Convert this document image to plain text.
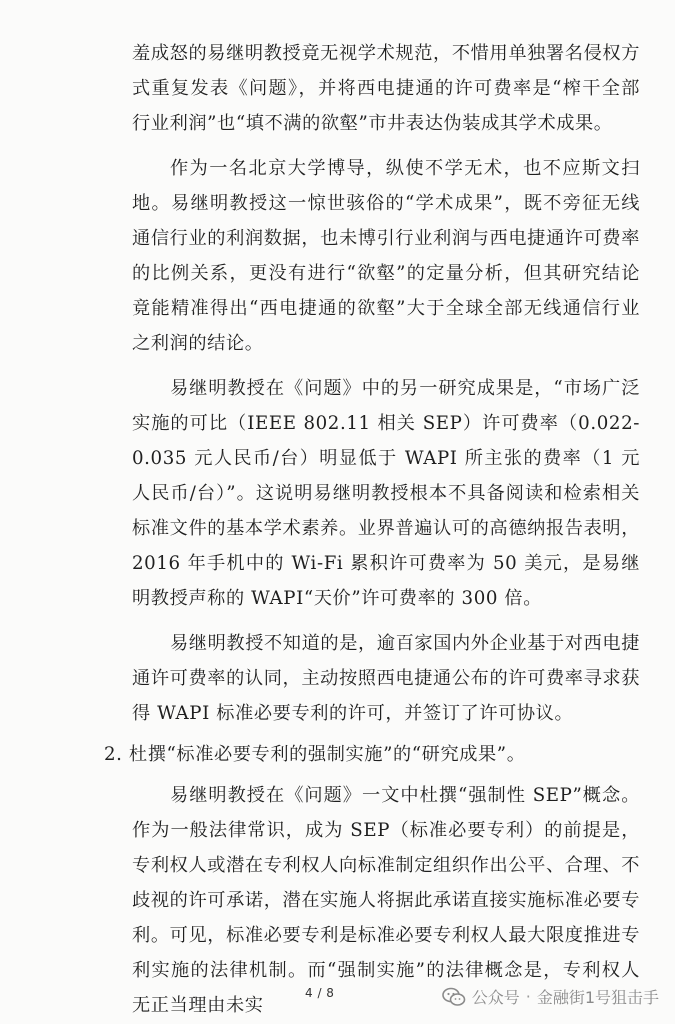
羞成怒的易继明教授竟无视学术规范，不惜用单独署名侵权方式重复发表《问题》，并将西电捷通的许可费率是“榨干全部行业利润”也“填不满的欲壑”市井表达伪装成其学术成果。

作为一名北京大学博导，纵使不学无术，也不应斯文扫地。易继明教授这一惊世骇俗的“学术成果”，既不旁征无线通信行业的利润数据，也未博引行业利润与西电捷通许可费率的比例关系，更没有进行“欲壑”的定量分析，但其研究结论竟能精准得出“西电捷通的欲壑”大于全球全部无线通信行业之利润的结论。

易继明教授在《问题》中的另一研究成果是，“市场广泛实施的可比（IEEE 802.11 相关 SEP）许可费率（0.022-0.035 元人民币/台）明显低于 WAPI 所主张的费率（1 元人民币/台）”。这说明易继明教授根本不具备阅读和检索相关标准文件的基本学术素养。业界普遍认可的高德纳报告表明，2016 年手机中的 Wi-Fi 累积许可费率为 50 美元，是易继明教授声称的 WAPI“天价”许可费率的 300 倍。

易继明教授不知道的是，逾百家国内外企业基于对西电捷通许可费率的认同，主动按照西电捷通公布的许可费率寻求获得 WAPI 标准必要专利的许可，并签订了许可协议。

2. 杜撰“标准必要专利的强制实施”的“研究成果”。

易继明教授在《问题》一文中杜撰“强制性 SEP”概念。作为一般法律常识，成为 SEP（标准必要专利）的前提是，专利权人或潜在专利权人向标准制定组织作出公平、合理、不歧视的许可承诺，潜在实施人将据此承诺直接实施标准必要专利。可见，标准必要专利是标准必要专利权人最大限度推进专利实施的法律机制。而“强制实施”的法律概念是，专利权人无正当理由未实

4 / 8	公众号 · 金融街1号狙击手
